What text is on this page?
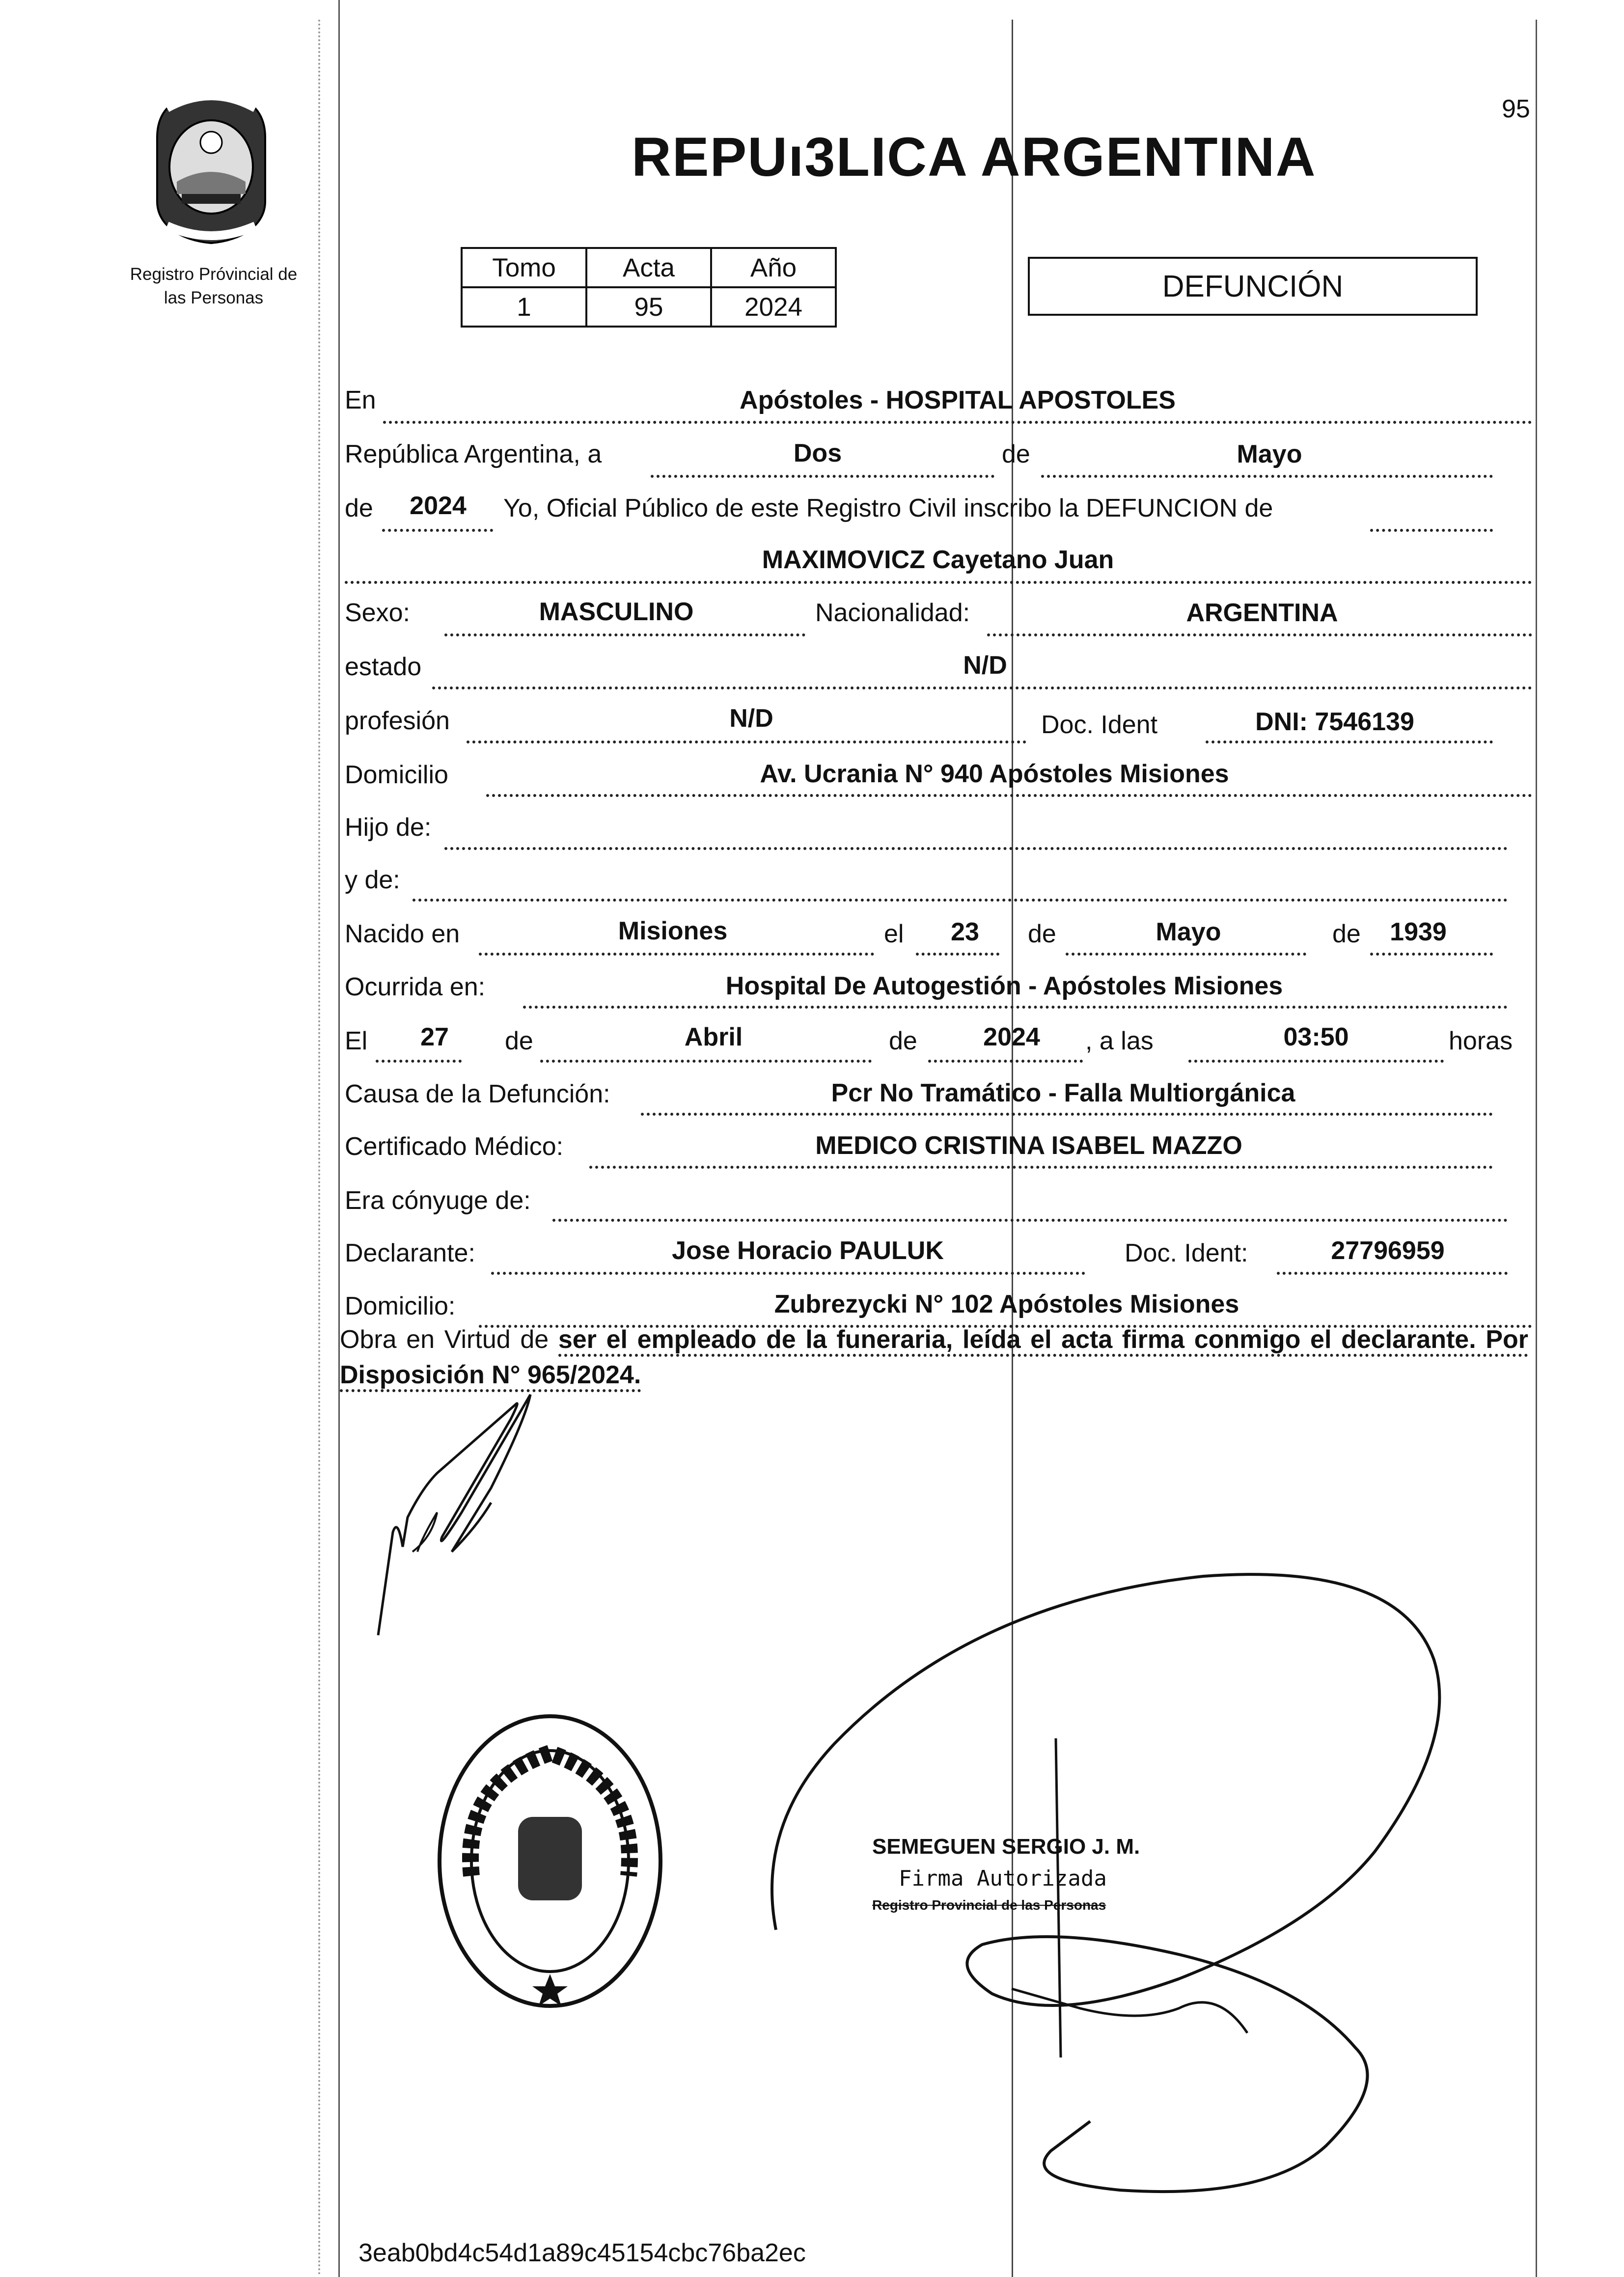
95
Registro Próvincial de
las Personas
REPUı3LICA ARGENTINA
Tomo	Acta	Año
1	95	2024
DEFUNCIÓN
En	Apóstoles - HOSPITAL APOSTOLES
República Argentina, a	Dos	de	Mayo
de 2024 Yo, Oficial Público de este Registro Civil inscribo la DEFUNCION de
MAXIMOVICZ Cayetano Juan
Sexo:	MASCULINO	Nacionalidad:	ARGENTINA
estado	N/D
profesión	N/D	Doc. Ident	DNI: 7546139
Domicilio	Av. Ucrania N° 940 Apóstoles Misiones
Hijo de:
y de:
Nacido en	Misiones	el 23 de	Mayo	de 1939
Ocurrida en:	Hospital De Autogestión - Apóstoles Misiones
El 27 de	Abril	de	2024 , a las	03:50	horas
Causa de la Defunción:	Pcr No Tramático - Falla Multiorgánica
Certificado Médico:	MEDICO CRISTINA ISABEL MAZZO
Era cónyuge de:
Declarante:	Jose Horacio PAULUK	Doc. Ident:	27796959
Domicilio:	Zubrezycki N° 102 Apóstoles Misiones
Obra en Virtud de ser el empleado de la funeraria, leída el acta firma conmigo el declarante. Por Disposición N° 965/2024.
SEMEGUEN SERGIO J. M.
Firma Autorizada
Registro Provincial de las Personas
3eab0bd4c54d1a89c45154cbc76ba2ec
